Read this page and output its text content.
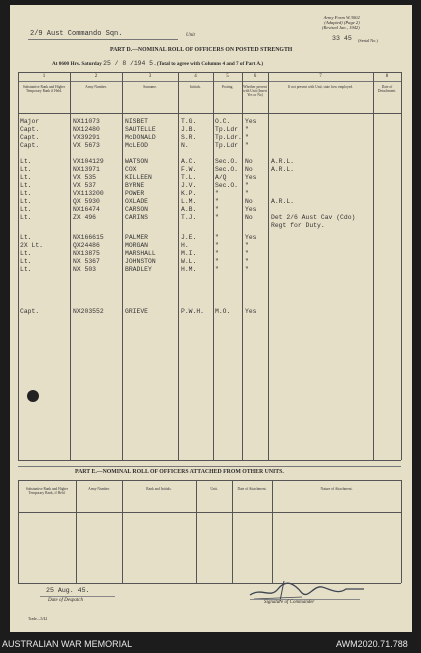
Army Form W.3002
(Adapted) (Page 2)
(Revised Jan., 1942)
2/9 Aust Commando Sqn.	Unit	33 45 (Serial No.)
PART D.—NOMINAL ROLL OF OFFICERS ON POSTED STRENGTH
At 0600 Hrs. Saturday 25 / 8 /194 5 . (Total to agree with Columns 4 and 7 of Part A.)
1	2	3	4	5	6	7	8
Substantive Rank and Higher Temporary Rank if Held.
Army Number.	Surname.	Initials.	Posting.	Whether present with Unit (Insert Yes or No)
If not present with Unit, state how employed.	Date of Detachment.
Major	NX11073	NISBET	T.G.	O.C. Yes
Capt.	NX12480	SAUTELLE	J.B.	Tp.Ldr "
Capt.	VX39291	McDONALD	S.R.	Tp.Ldr. "
Capt.	VX 5673	McLEOD	N.	Tp.Ldr "
Lt.	VX104129	WATSON	A.C.	Sec.O. No	A.R.L.
Lt.	NX13971	COX	F.W.	Sec.O. No	A.R.L.
Lt.	VX 535	KILLEEN	T.L.	A/Q	Yes
Lt.	VX 537	BYRNE	J.V.	Sec.O. "
Lt.	VX113200	POWER	K.P.	"	"
Lt.	QX 5930	OXLADE	L.M.	"	No	A.R.L.
Lt.	NX16474	CARSON	A.B.	"	Yes
Lt.	ZX 496	CARINS	T.J.	"	No	Det 2/6 Aust Cav (Cdo)
Regt for Duty.
Lt.	NX166615	PALMER	J.E.	"	Yes
2X Lt.	QX24486	MORGAN	H.	"	"
Lt.	NX13875	MARSHALL	M.I.	"	"
Lt.	NX 5367	JOHNSTON	W.L.	"	"
Lt.	NX 503	BRADLEY	H.M.	"	"
Capt.	NX203552	GRIEVE	P.W.H. M.O. Yes
PART E.—NOMINAL ROLL OF OFFICERS ATTACHED FROM OTHER UNITS.
Substantive Rank and Higher Temporary Rank, if Held.
Army Number.	Rank and Initials.	Unit.	Date of Attachment.	Nature of Attachment.
25 Aug. 45.
Date of Despatch
Trade—5/42
Signature of Commander
AUSTRALIAN WAR MEMORIAL	AWM2020.71.788
